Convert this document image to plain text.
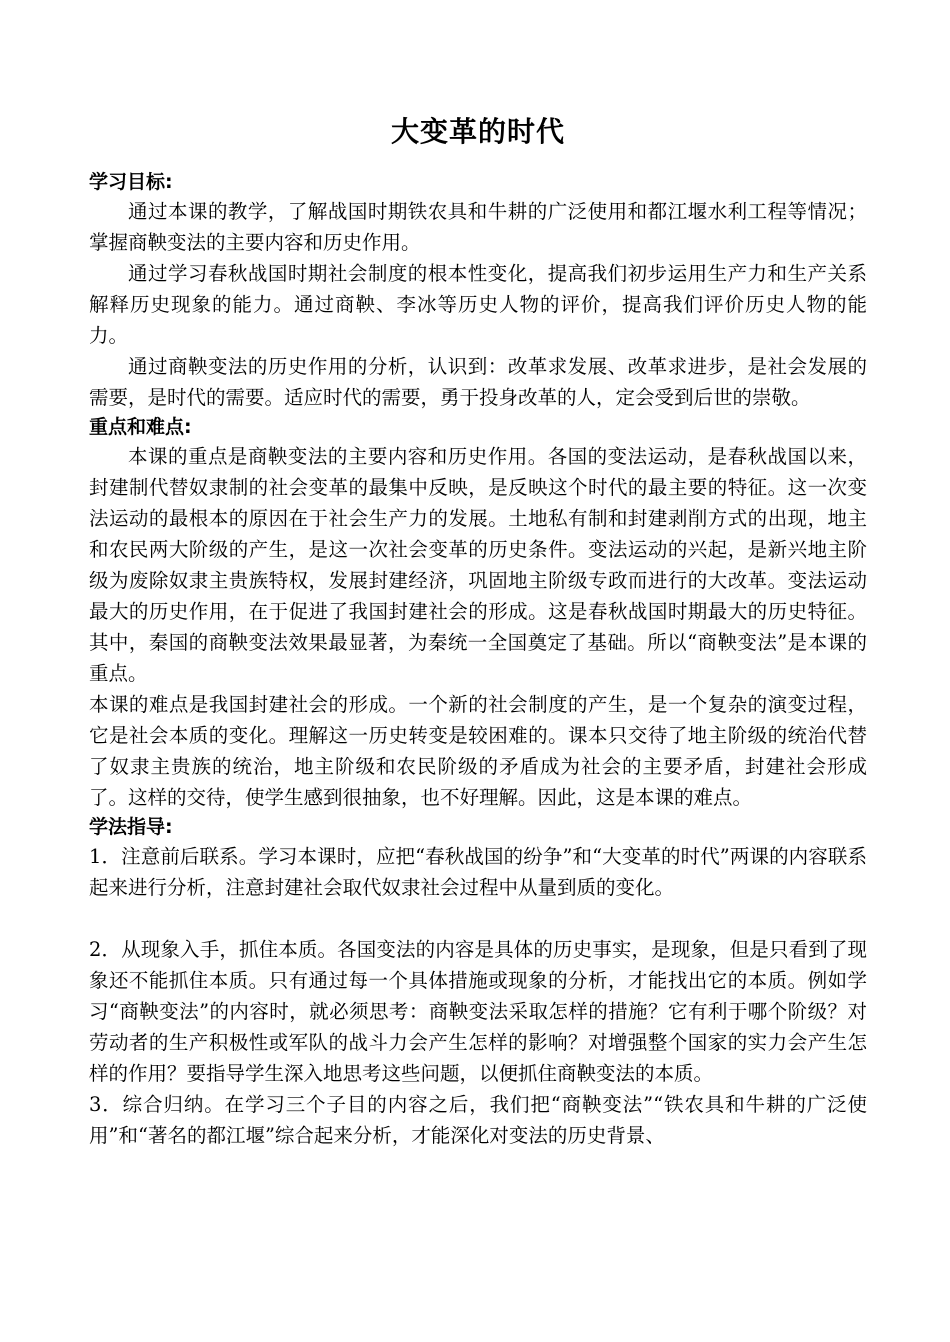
大变革的时代
学习目标:

通过本课的教学，了解战国时期铁农具和牛耕的广泛使用和都江堰水利工程等情况；掌握商鞅变法的主要内容和历史作用。

通过学习春秋战国时期社会制度的根本性变化，提高我们初步运用生产力和生产关系解释历史现象的能力。通过商鞅、李冰等历史人物的评价，提高我们评价历史人物的能力。

通过商鞅变法的历史作用的分析，认识到：改革求发展、改革求进步，是社会发展的需要，是时代的需要。适应时代的需要，勇于投身改革的人，定会受到后世的崇敬。

重点和难点:

本课的重点是商鞅变法的主要内容和历史作用。各国的变法运动，是春秋战国以来，封建制代替奴隶制的社会变革的最集中反映，是反映这个时代的最主要的特征。这一次变法运动的最根本的原因在于社会生产力的发展。土地私有制和封建剥削方式的出现，地主和农民两大阶级的产生，是这一次社会变革的历史条件。变法运动的兴起，是新兴地主阶级为废除奴隶主贵族特权，发展封建经济，巩固地主阶级专政而进行的大改革。变法运动最大的历史作用，在于促进了我国封建社会的形成。这是春秋战国时期最大的历史特征。其中，秦国的商鞅变法效果最显著，为秦统一全国奠定了基础。所以“商鞅变法”是本课的重点。

本课的难点是我国封建社会的形成。一个新的社会制度的产生，是一个复杂的演变过程，它是社会本质的变化。理解这一历史转变是较困难的。课本只交待了地主阶级的统治代替了奴隶主贵族的统治，地主阶级和农民阶级的矛盾成为社会的主要矛盾，封建社会形成了。这样的交待，使学生感到很抽象，也不好理解。因此，这是本课的难点。

学法指导:

1．注意前后联系。学习本课时，应把“春秋战国的纷争”和“大变革的时代”两课的内容联系起来进行分析，注意封建社会取代奴隶社会过程中从量到质的变化。

2．从现象入手，抓住本质。各国变法的内容是具体的历史事实，是现象，但是只看到了现象还不能抓住本质。只有通过每一个具体措施或现象的分析，才能找出它的本质。例如学习“商鞅变法”的内容时，就必须思考：商鞅变法采取怎样的措施？它有利于哪个阶级？对劳动者的生产积极性或军队的战斗力会产生怎样的影响？对增强整个国家的实力会产生怎样的作用？要指导学生深入地思考这些问题，以便抓住商鞅变法的本质。

3．综合归纳。在学习三个子目的内容之后，我们把“商鞅变法”“铁农具和牛耕的广泛使用”和“著名的都江堰”综合起来分析，才能深化对变法的历史背景、
